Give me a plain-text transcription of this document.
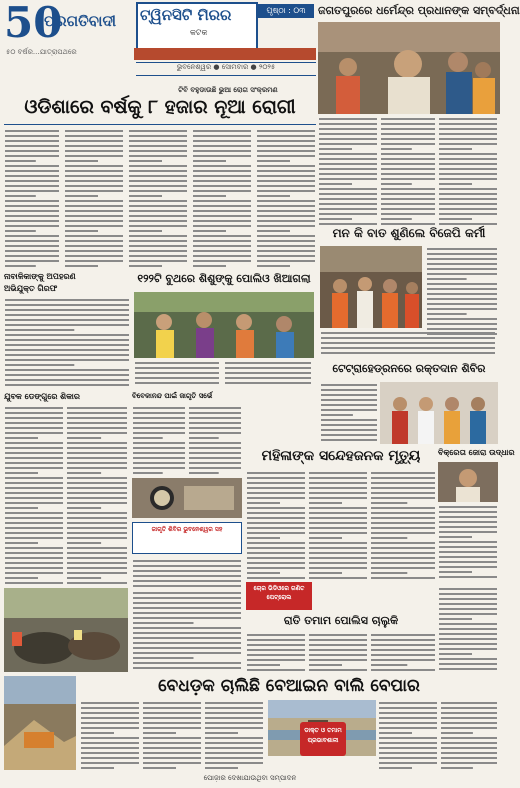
50
ପ୍ରଗତିବାଦୀ
୫୦ ବର୍ଷର...ଯାତ୍ରାପଥରେ
ଟ୍ୱିନସିଟି ମିରର
କଟକ
ପୃଷ୍ଠା : ୦୩
ଭୁବନେଶ୍ୱର ● ସୋମବାର ● ୨୦୨୫
ଜଗତପୁରରେ ଧର୍ମେନ୍ଦ୍ର ପ୍ରଧାନଙ୍କ ସମ୍ବର୍ଦ୍ଧନା
ଟିବି ବହୁଡାଉଛି ଭୁଆ ରୋଗ ସଂକ୍ରମଣ
ଓଡିଶାରେ ବର୍ଷକୁ ୮ ହଜାର ନୂଆ ରୋଗୀ
ମନ କି ବାତ ଶୁଣିଲେ ବିଜେପି କର୍ମୀ
ନାବାଳିକାଙ୍କୁ ଅପହରଣ
ଅଭିଯୁକ୍ତ ଗିରଫ
୧୨୨ଟି ବୁଥରେ ଶିଶୁଙ୍କୁ ପୋଲିଓ ଖିଆଗଲା
ଟେଟ୍ରାହେଡ୍ରନରେ ରକ୍ତଦାନ ଶିବିର
ଯୁବକ ଡେଙ୍ଗୁରେ ଶିକାର	ବିବେକାନନ୍ଦ ପାଇଁ ଜାଗୃତି ସର୍ଭେ
ମହିଳାଙ୍କ ସନ୍ଦେହଜନକ ମୃତ୍ୟୁ	ବିକ୍ରେତା ଜୋରା ଉଦ୍ଧାର
ଚୋର ଭିଡିଓରେ ଗଣିତ ପେଟ୍ରୋଲ
ଜାଗୃତି ଶିବିର ଭୁବନେଶ୍ୱର ସହ
ରାତି ତମାମ ପୋଲିସ ଚାଲୁକି
ବେଧଡ଼କ ଚାଲିଛି ବେଆଇନ ବାଲି ବେପାର
ଡାକ୍ତ ଓ ତମାମ ପ୍ରଭାବଶାଳୀ
ପୋଜ଼ାର ଦେଖାଯାଉଥିବା ସମ୍ପାଦନ
